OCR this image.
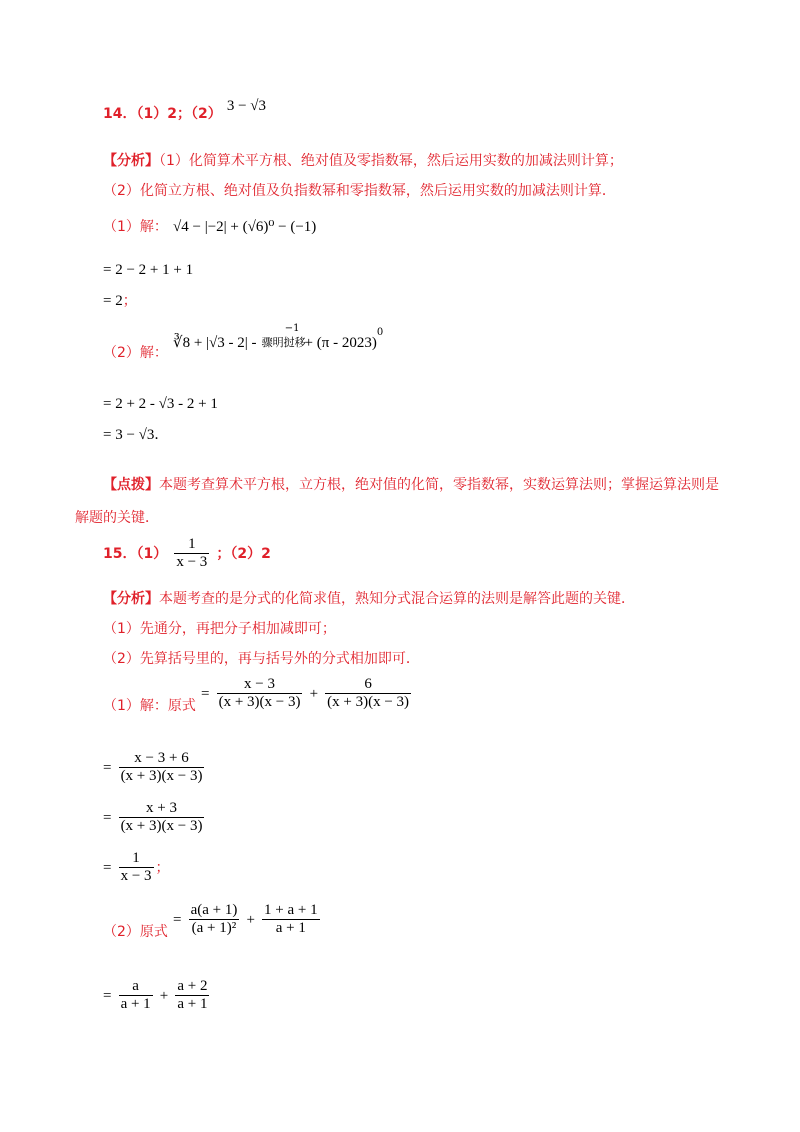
14．（1）2；（2） 3 − √3
【分析】（1）化简算术平方根、绝对值及零指数幂，然后运用实数的加减法则计算；
（2）化简立方根、绝对值及负指数幂和零指数幂，然后运用实数的加减法则计算．
（1）解： √4 − |−2| + (√6)⁰ − (−1)
= 2 − 2 + 1 + 1
= 2；
（2）解： ∛8 + |√3 - 2| - 骤明挝移 $^{-1}$ + (π - 2023)$^0$
= 2 + 2 - √3 - 2 + 1
= 3 − √3．
【点拨】本题考查算术平方根，立方根，绝对值的化简，零指数幂，实数运算法则；掌握运算法则是
解题的关键．
15．$(1) \frac{1}{x - 3}$ ；（2）2
【分析】本题考查的是分式的化简求值，熟知分式混合运算的法则是解答此题的关键．
（1）先通分，再把分子相加减即可；
（2）先算括号里的，再与括号外的分式相加即可．
（1）解：原式 = $\frac{x - 3}{(x + 3)(x - 3)} + \frac{6}{(x + 3)(x - 3)}$
= $\frac{x - 3 + 6}{(x + 3)(x - 3)}$
= $\frac{x + 3}{(x + 3)(x - 3)}$
= $\frac{1}{x - 3}$ ；
（2）原式 = $\frac{a(a + 1)}{\text{(a + 1)²}} + \frac{1 + a + 1}{a + 1}$
= $\frac{a}{a + 1} + \frac{a + 2}{a + 1}$
